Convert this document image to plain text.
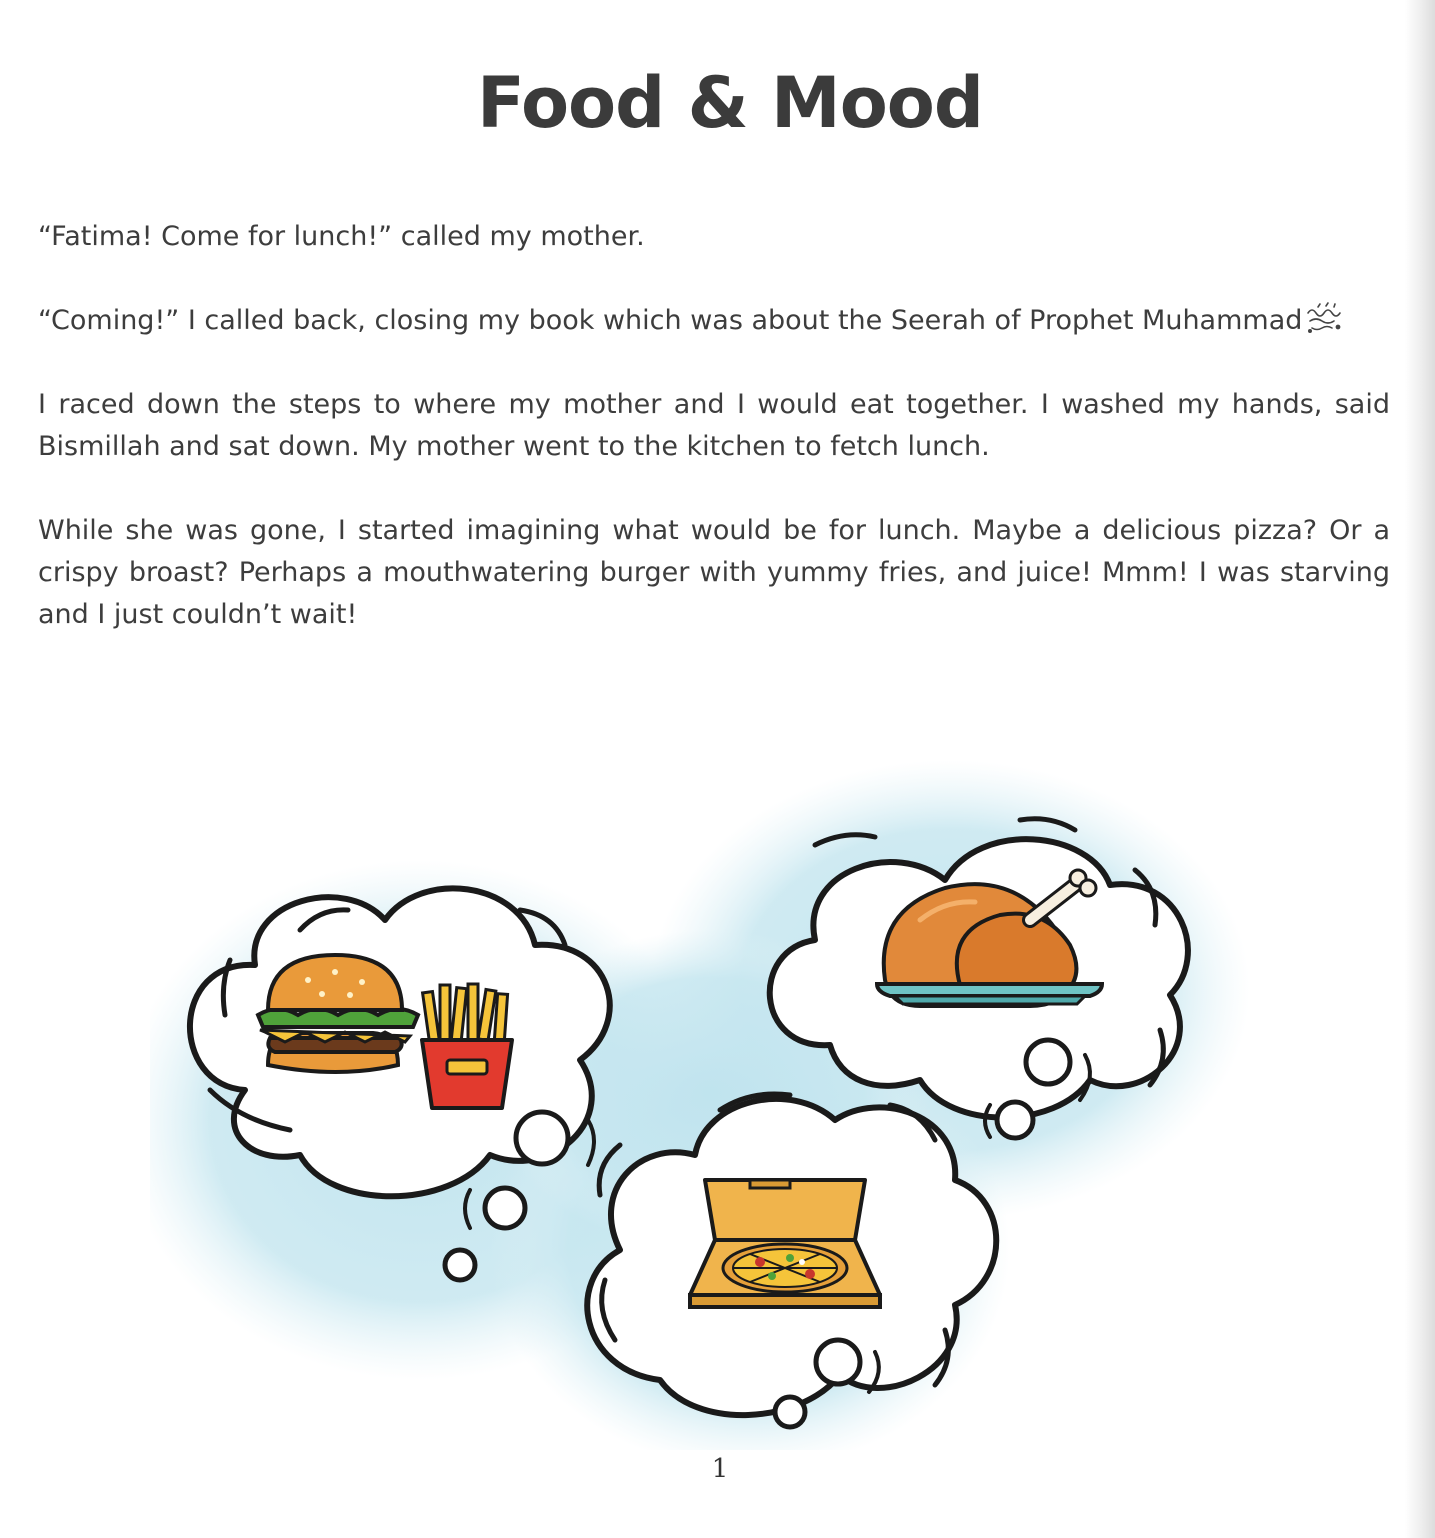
Food & Mood

“Fatima! Come for lunch!” called my mother.

“Coming!” I called back, closing my book which was about the Seerah of Prophet Muhammad

I raced down the steps to where my mother and I would eat together. I washed my hands, said Bismillah and sat down. My mother went to the kitchen to fetch lunch.

While she was gone, I started imagining what would be for lunch. Maybe a delicious pizza? Or a crispy broast? Perhaps a mouthwatering burger with yummy fries, and juice! Mmm! I was starving and I just couldn’t wait!

1
